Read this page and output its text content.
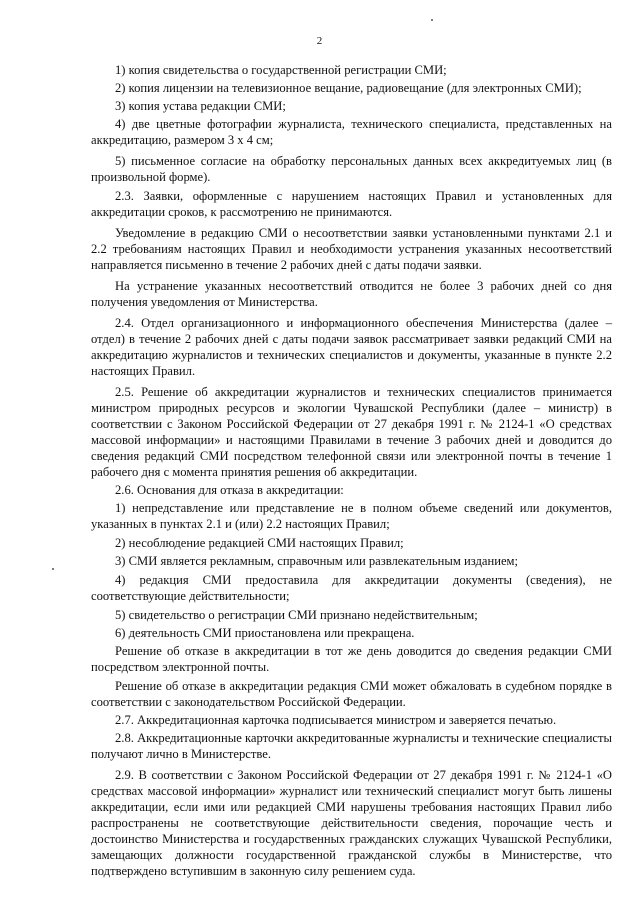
2

1) копия свидетельства о государственной регистрации СМИ;

2) копия лицензии на телевизионное вещание, радиовещание (для электронных СМИ);

3) копия устава редакции СМИ;

4) две цветные фотографии журналиста, технического специалиста, представленных на аккредитацию, размером 3 х 4 см;

5) письменное согласие на обработку персональных данных всех аккредитуемых лиц (в произвольной форме).

2.3. Заявки, оформленные с нарушением настоящих Правил и установленных для аккредитации сроков, к рассмотрению не принимаются.

Уведомление в редакцию СМИ о несоответствии заявки установленными пунктами 2.1 и 2.2 требованиям настоящих Правил и необходимости устранения указанных несоответствий направляется письменно в течение 2 рабочих дней с даты подачи заявки.

На устранение указанных несоответствий отводится не более 3 рабочих дней со дня получения уведомления от Министерства.

2.4. Отдел организационного и информационного обеспечения Министерства (далее – отдел) в течение 2 рабочих дней с даты подачи заявок рассматривает заявки редакций СМИ на аккредитацию журналистов и технических специалистов и документы, указанные в пункте 2.2 настоящих Правил.

2.5. Решение об аккредитации журналистов и технических специалистов принимается министром природных ресурсов и экологии Чувашской Республики (далее – министр) в соответствии с Законом Российской Федерации от 27 декабря 1991 г. № 2124-1 «О средствах массовой информации» и настоящими Правилами в течение 3 рабочих дней и доводится до сведения редакций СМИ посредством телефонной связи или электронной почты в течение 1 рабочего дня с момента принятия решения об аккредитации.

2.6. Основания для отказа в аккредитации:

1) непредставление или представление не в полном объеме сведений или документов, указанных в пунктах 2.1 и (или) 2.2 настоящих Правил;

2) несоблюдение редакцией СМИ настоящих Правил;

3) СМИ является рекламным, справочным или развлекательным изданием;

4) редакция СМИ предоставила для аккредитации документы (сведения), не соответствующие действительности;

5) свидетельство о регистрации СМИ признано недействительным;

6) деятельность СМИ приостановлена или прекращена.

Решение об отказе в аккредитации в тот же день доводится до сведения редакции СМИ посредством электронной почты.

Решение об отказе в аккредитации редакция СМИ может обжаловать в судебном порядке в соответствии с законодательством Российской Федерации.

2.7. Аккредитационная карточка подписывается министром и заверяется печатью.

2.8. Аккредитационные карточки аккредитованные журналисты и технические специалисты получают лично в Министерстве.

2.9. В соответствии с Законом Российской Федерации от 27 декабря 1991 г. № 2124-1 «О средствах массовой информации» журналист или технический специалист могут быть лишены аккредитации, если ими или редакцией СМИ нарушены требования настоящих Правил либо распространены не соответствующие действительности сведения, порочащие честь и достоинство Министерства и государственных гражданских служащих Чувашской Республики, замещающих должности государственной гражданской службы в Министерстве, что подтверждено вступившим в законную силу решением суда.
